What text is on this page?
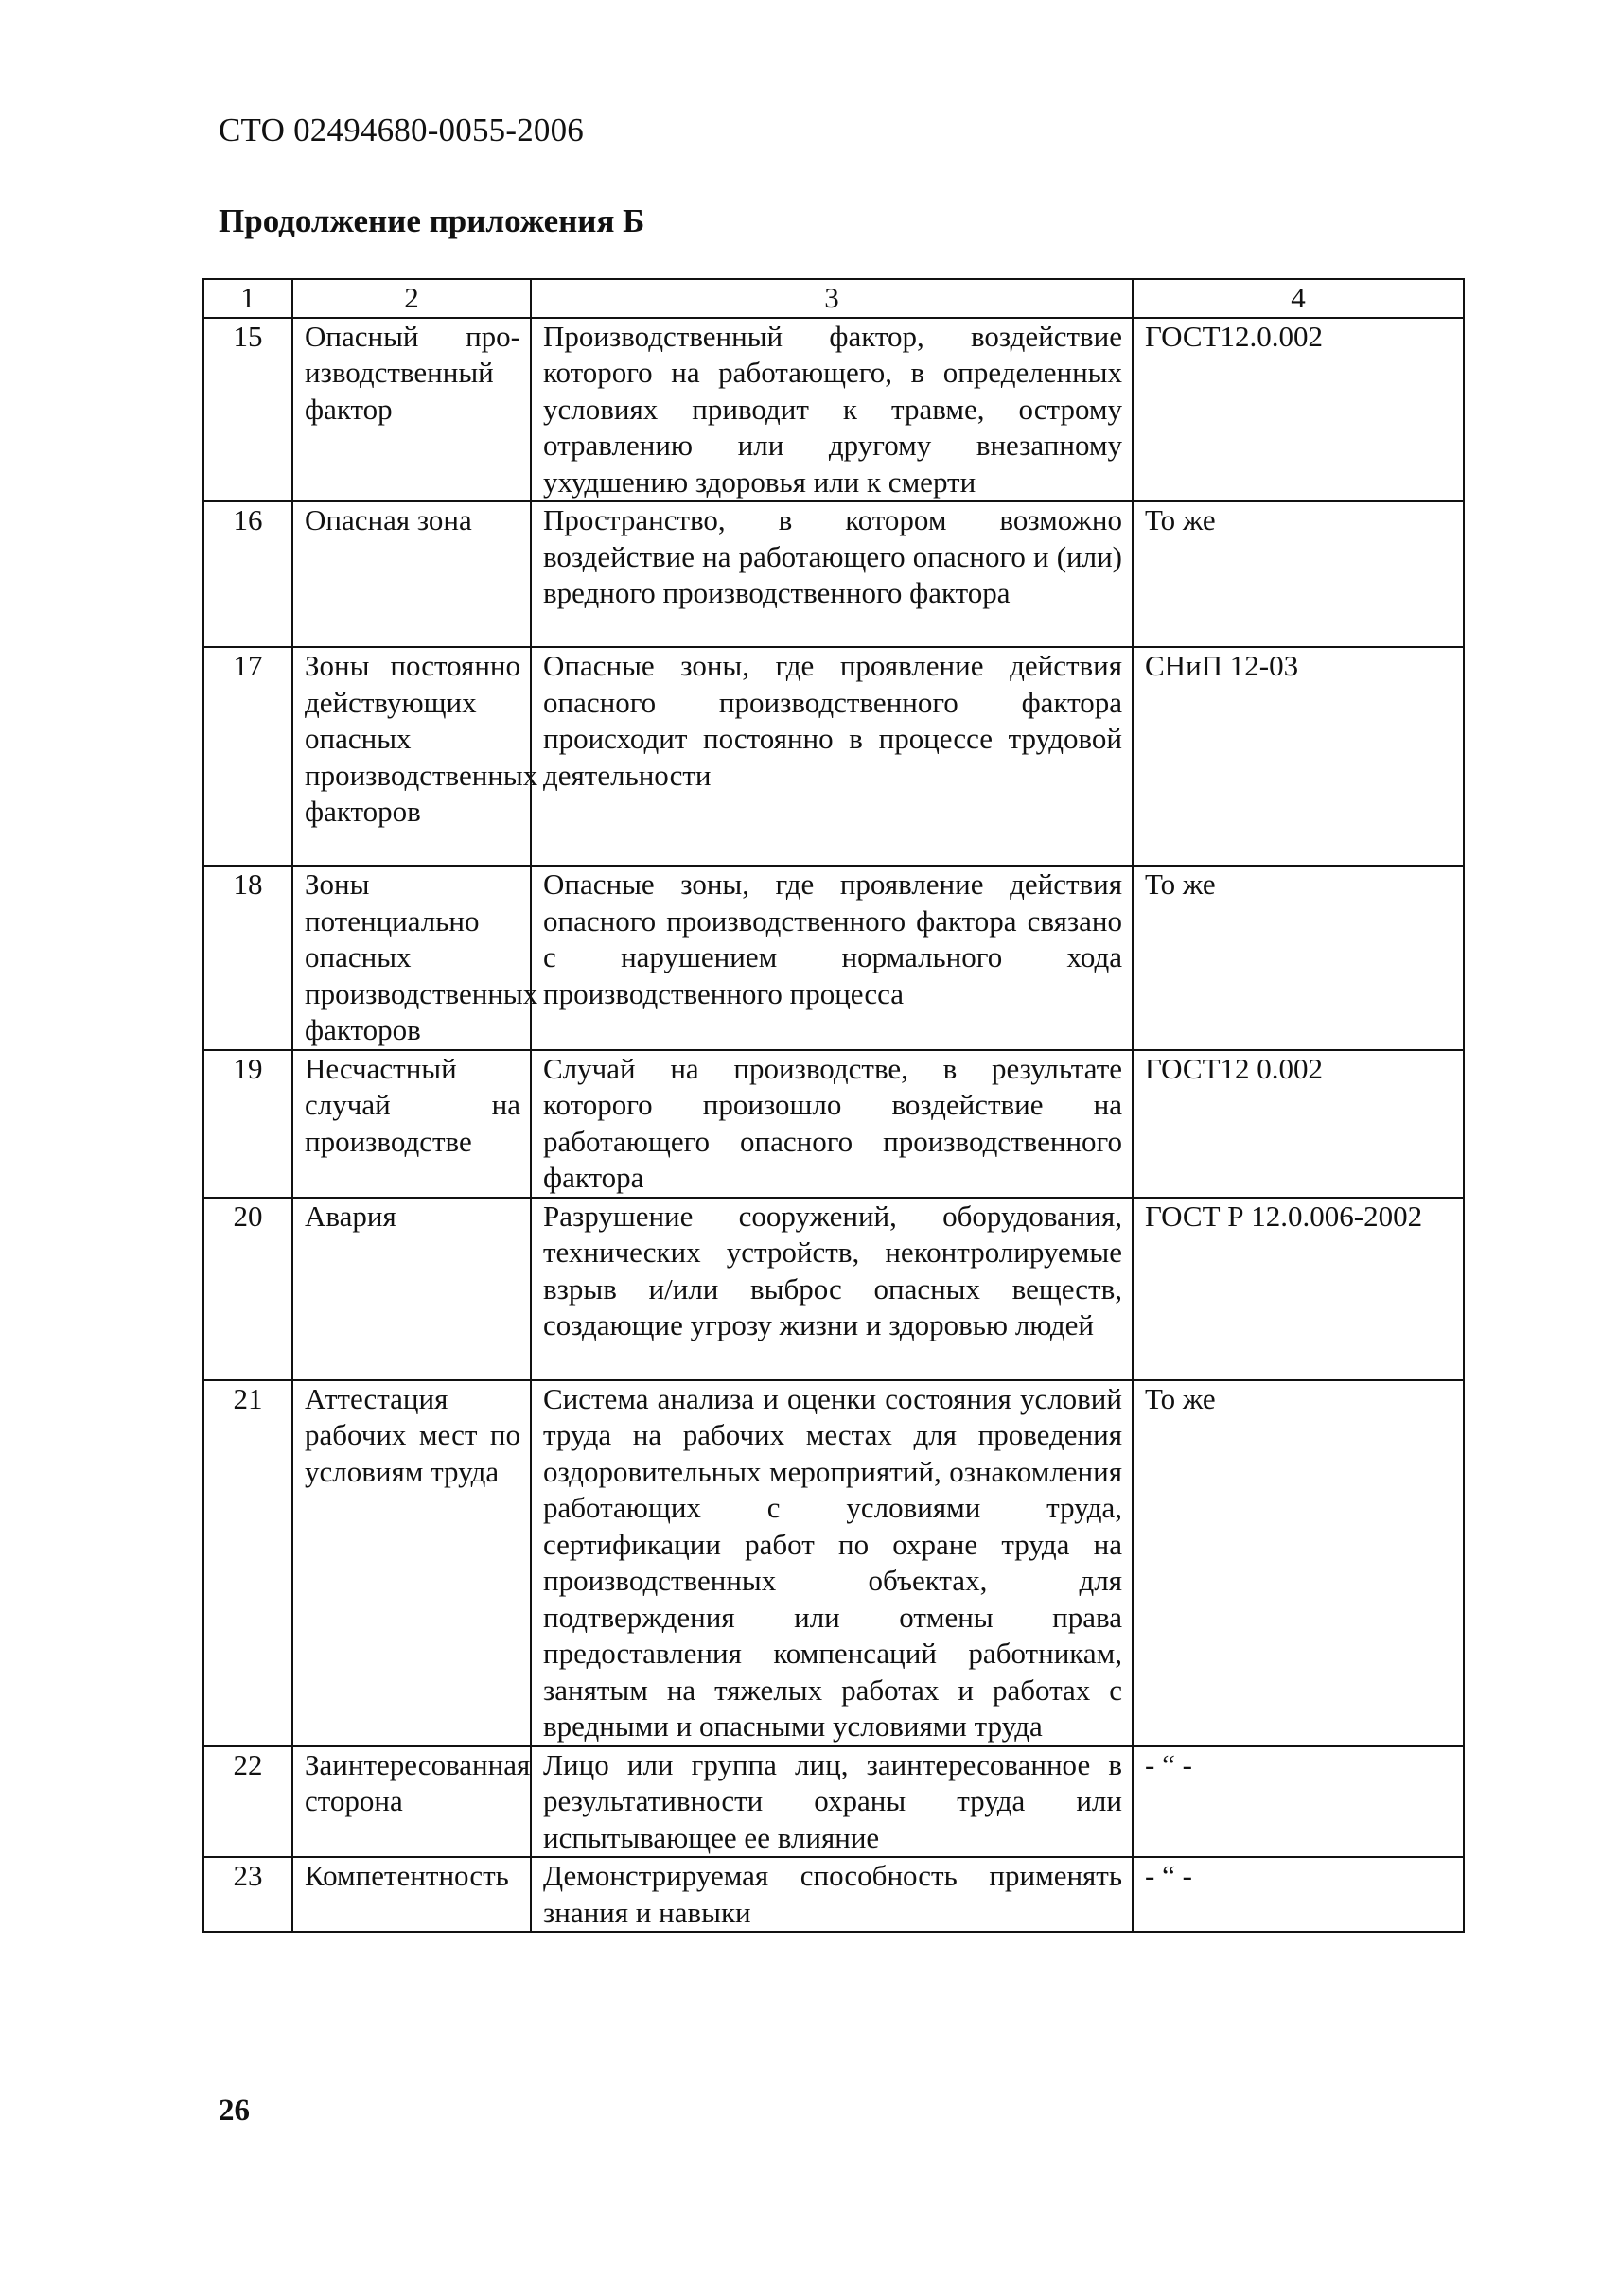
СТО 02494680-0055-2006
Продолжение приложения Б
1	2	3	4
15	Опасный про-изводственный фактор	Производственный фактор, воздействие которого на работающего, в определенных условиях приводит к травме, острому отравлению или другому внезапному ухудшению здоровья или к смерти	ГОСТ12.0.002
16	Опасная зона	Пространство, в котором возможно воздействие на работающего опасного и (или) вредного производственного фактора	То же
17	Зоны постоянно действующих опасных производственных факторов	Опасные зоны, где проявление действия опасного производственного фактора происходит постоянно в процессе трудовой деятельности	СНиП 12-03
18	Зоны потенциально опасных производственных факторов	Опасные зоны, где проявление действия опасного производственного фактора связано с нарушением нормального хода производственного процесса	То же
19	Несчастный случай на производстве	Случай на производстве, в результате которого произошло воздействие на работающего опасного производственного фактора	ГОСТ12 0.002
20	Авария	Разрушение сооружений, оборудования, технических устройств, неконтролируемые взрыв и/или выброс опасных веществ, создающие угрозу жизни и здоровью людей	ГОСТ Р 12.0.006-2002
21	Аттестация рабочих мест по условиям труда	Система анализа и оценки состояния условий труда на рабочих местах для проведения оздоровительных мероприятий, ознакомления работающих с условиями труда, сертификации работ по охране труда на производственных объектах, для подтверждения или отмены права предоставления компенсаций работникам, занятым на тяжелых работах и работах с вредными и опасными условиями труда	То же
22	Заинтересованная сторона	Лицо или группа лиц, заинтересованное в результативности охраны труда или испытывающее ее влияние	- “ -
23	Компетентность	Демонстрируемая способность применять знания и навыки	- “ -
26
